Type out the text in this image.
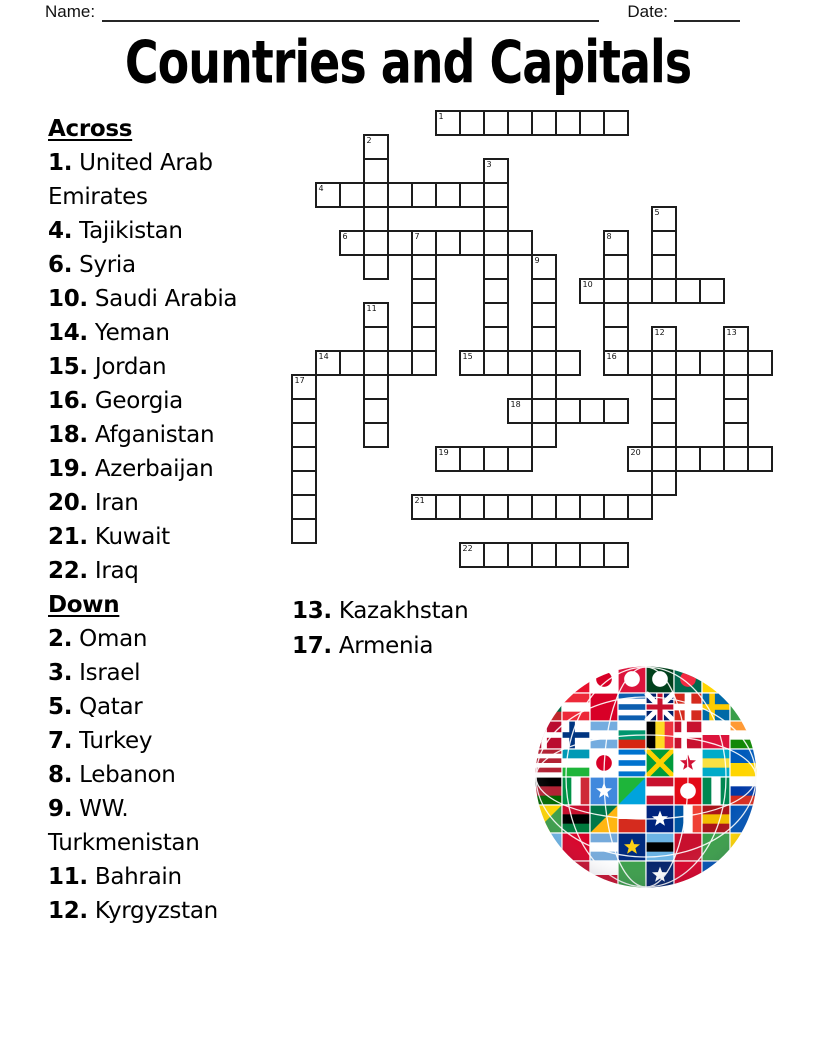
Name:	Date:
Countries and Capitals
Across
1. United Arab Emirates
4. Tajikistan
6. Syria
10. Saudi Arabia
14. Yeman
15. Jordan
16. Georgia
18. Afganistan
19. Azerbaijan
20. Iran
21. Kuwait
22. Iraq
Down
2. Oman
3. Israel
5. Qatar
7. Turkey
8. Lebanon
9. WW. Turkmenistan
11. Bahrain
12. Kyrgyzstan
13. Kazakhstan
17. Armenia
1
2
3
4
5
6	7	8
16
9
10
11
12	13
14	15
17
18
19	20
21
22
